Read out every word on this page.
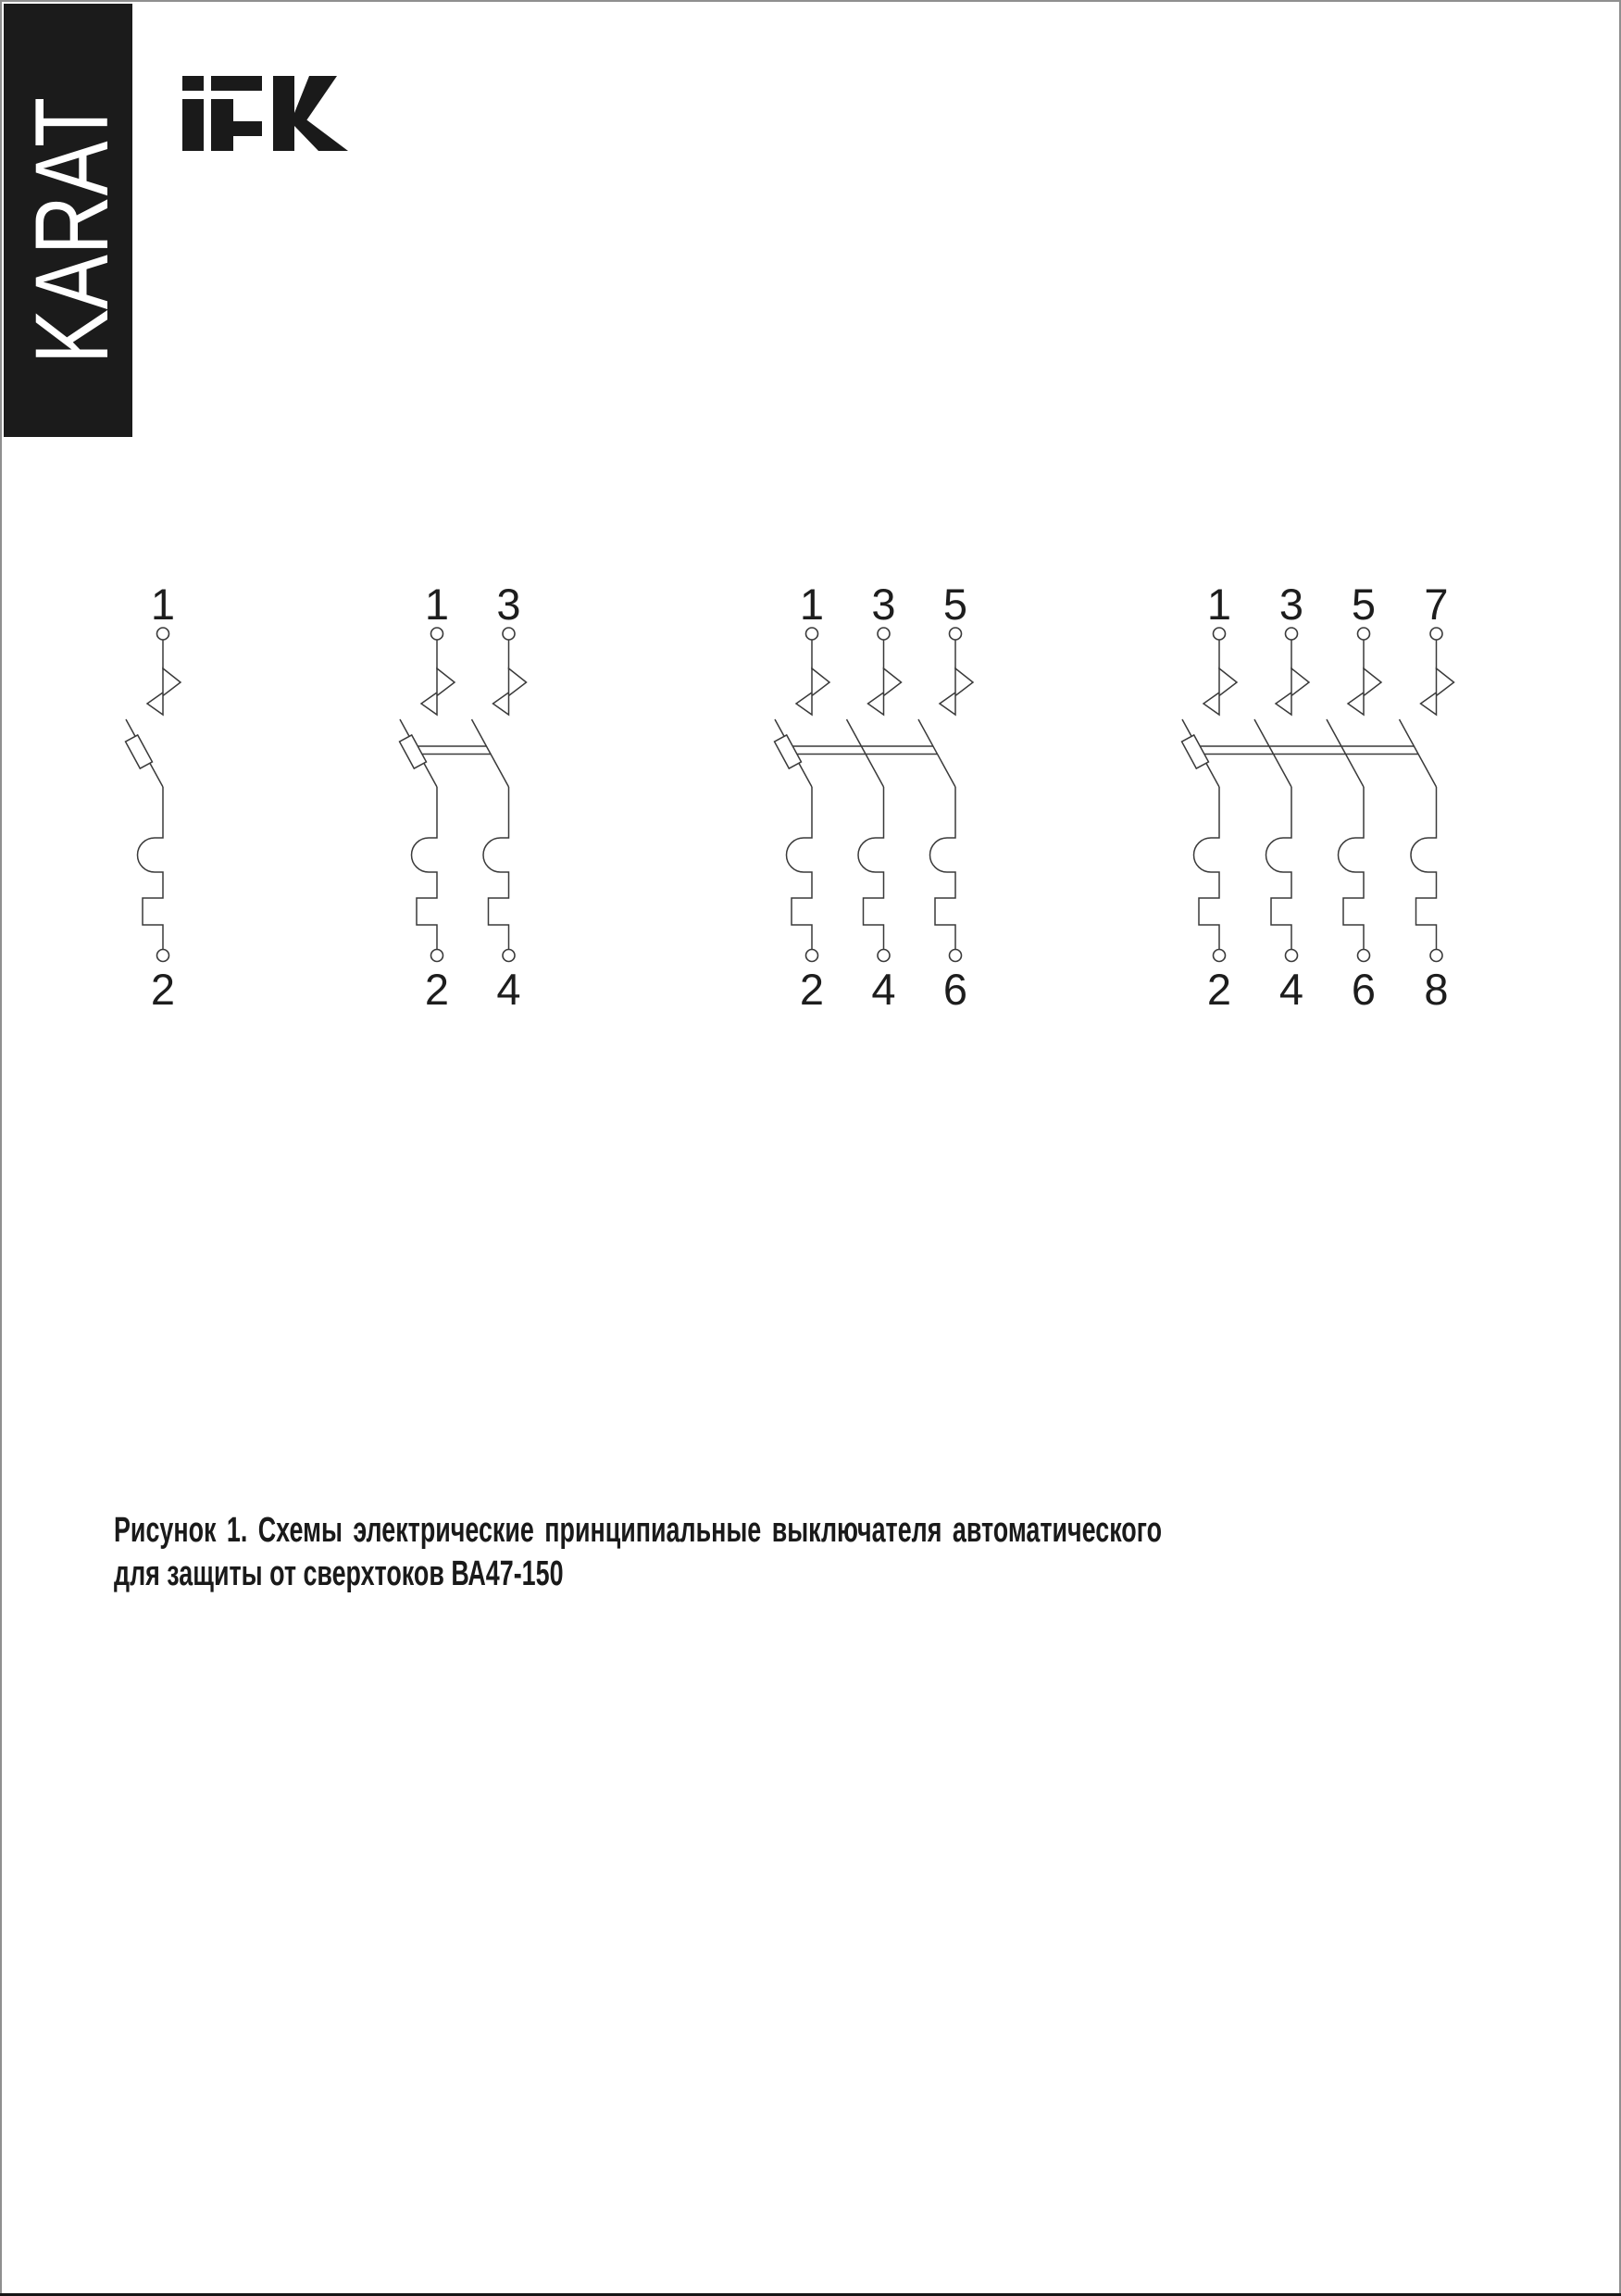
KARAT
1
2
1
2
3
4
1
2
3
4
5
6
1
2
3
4
5
6
7
8
Рисунок 1. Схемы электрические принципиальные выключателя автоматического
для защиты от сверхтоков ВА47-150
